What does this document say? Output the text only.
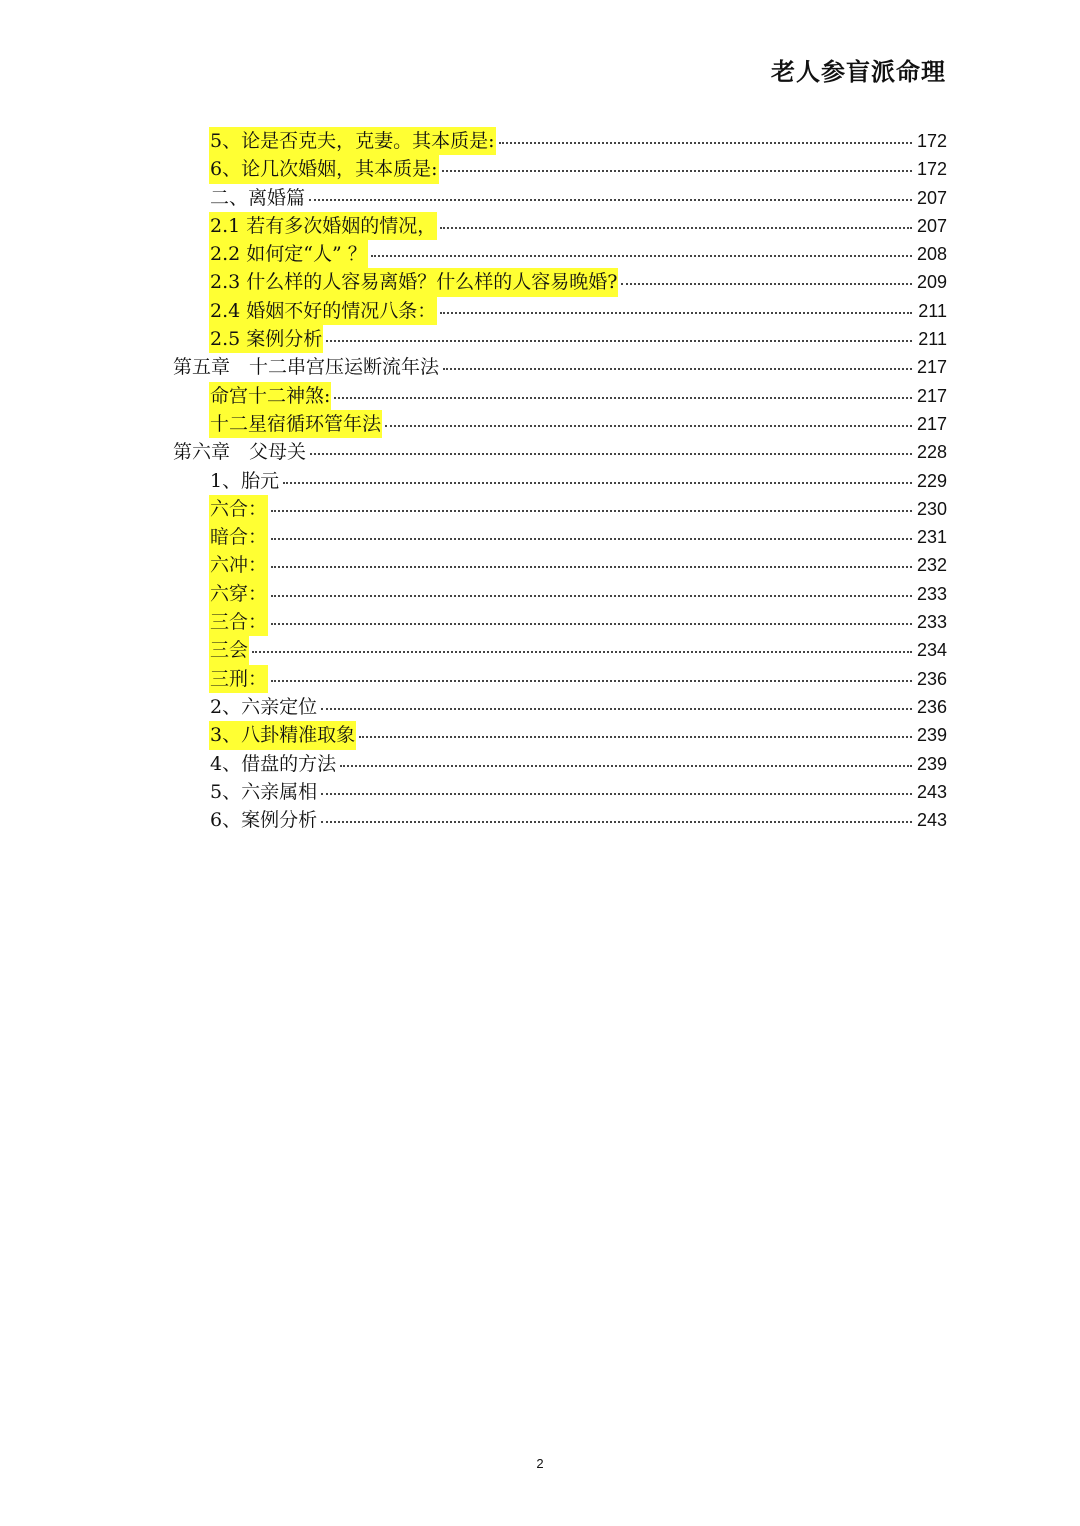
老人参盲派命理
5、论是否克夫，克妻。其本质是:	172
6、论几次婚姻，其本质是:	172
二、离婚篇	207
2.1 若有多次婚姻的情况，	207
2.2 如何定“人” ？	208
2.3 什么样的人容易离婚？什么样的人容易晚婚?	209
2.4 婚姻不好的情况八条：	211
2.5 案例分析	211
第五章　十二串宫压运断流年法	217
命宫十二神煞:	217
十二星宿循环管年法	217
第六章　父母关	228
1、胎元	229
六合：	230
暗合：	231
六冲：	232
六穿：	233
三合：	233
三会	234
三刑：	236
2、六亲定位	236
3、八卦精准取象	239
4、借盘的方法	239
5、六亲属相	243
6、案例分析	243
2
